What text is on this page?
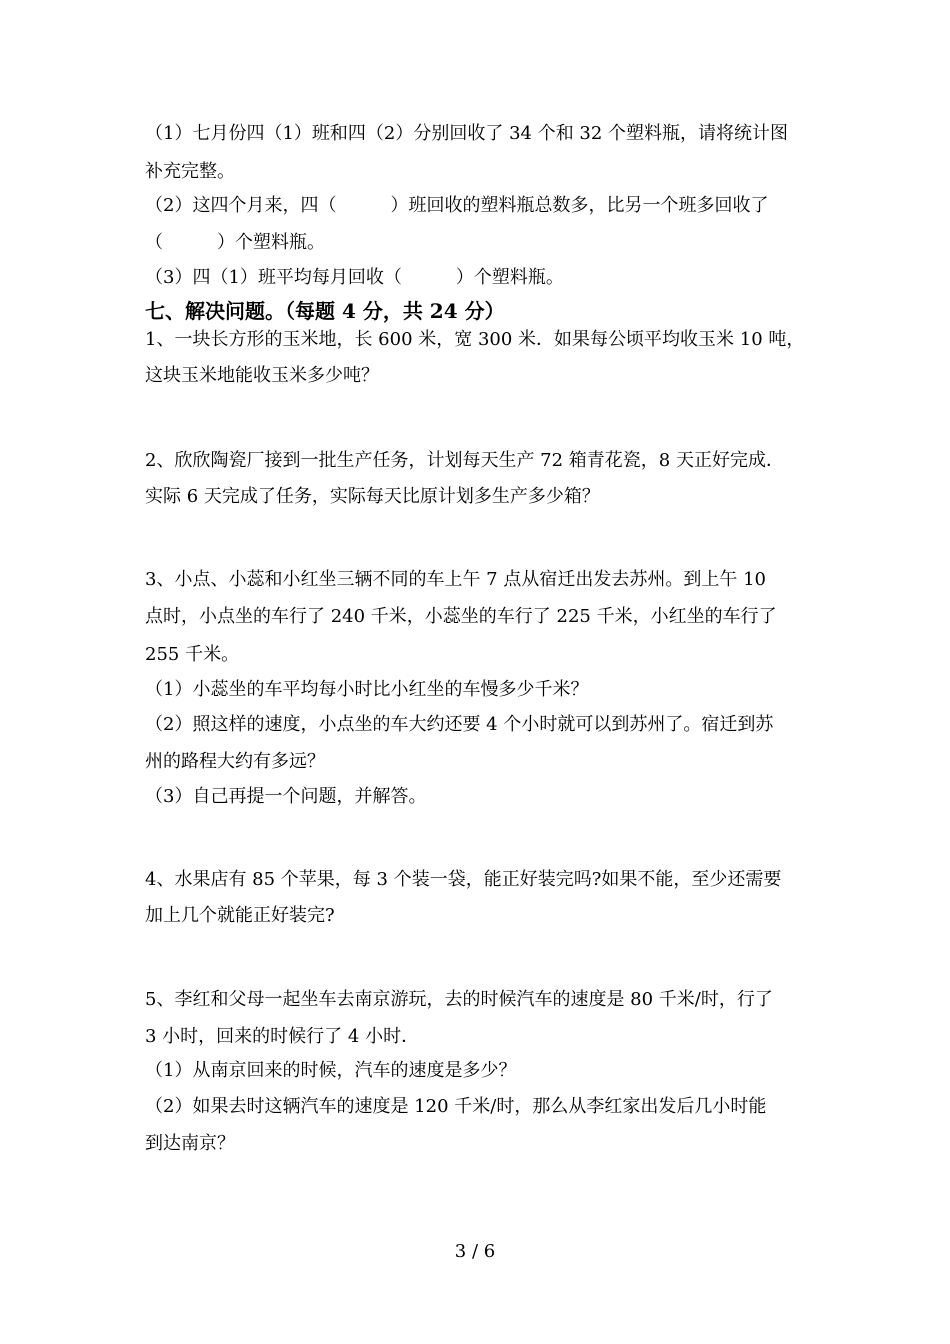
（1）七月份四（1）班和四（2）分别回收了 34 个和 32 个塑料瓶，请将统计图
补充完整。
（2）这四个月来，四（　　　）班回收的塑料瓶总数多，比另一个班多回收了
（　　　）个塑料瓶。
（3）四（1）班平均每月回收（　　　）个塑料瓶。
七、解决问题。（每题 4 分，共 24 分）
1、一块长方形的玉米地，长 600 米，宽 300 米．如果每公顷平均收玉米 10 吨，
这块玉米地能收玉米多少吨？
2、欣欣陶瓷厂接到一批生产任务，计划每天生产 72 箱青花瓷，8 天正好完成．
实际 6 天完成了任务，实际每天比原计划多生产多少箱？
3、小点、小蕊和小红坐三辆不同的车上午 7 点从宿迁出发去苏州。到上午 10
点时，小点坐的车行了 240 千米，小蕊坐的车行了 225 千米，小红坐的车行了
255 千米。
（1）小蕊坐的车平均每小时比小红坐的车慢多少千米？
（2）照这样的速度，小点坐的车大约还要 4 个小时就可以到苏州了。宿迁到苏
州的路程大约有多远？
（3）自己再提一个问题，并解答。
4、水果店有 85 个苹果，每 3 个装一袋，能正好装完吗?如果不能，至少还需要
加上几个就能正好装完?
5、李红和父母一起坐车去南京游玩，去的时候汽车的速度是 80 千米/时，行了
3 小时，回来的时候行了 4 小时．
（1）从南京回来的时候，汽车的速度是多少？
（2）如果去时这辆汽车的速度是 120 千米/时，那么从李红家出发后几小时能
到达南京？
3 / 6
